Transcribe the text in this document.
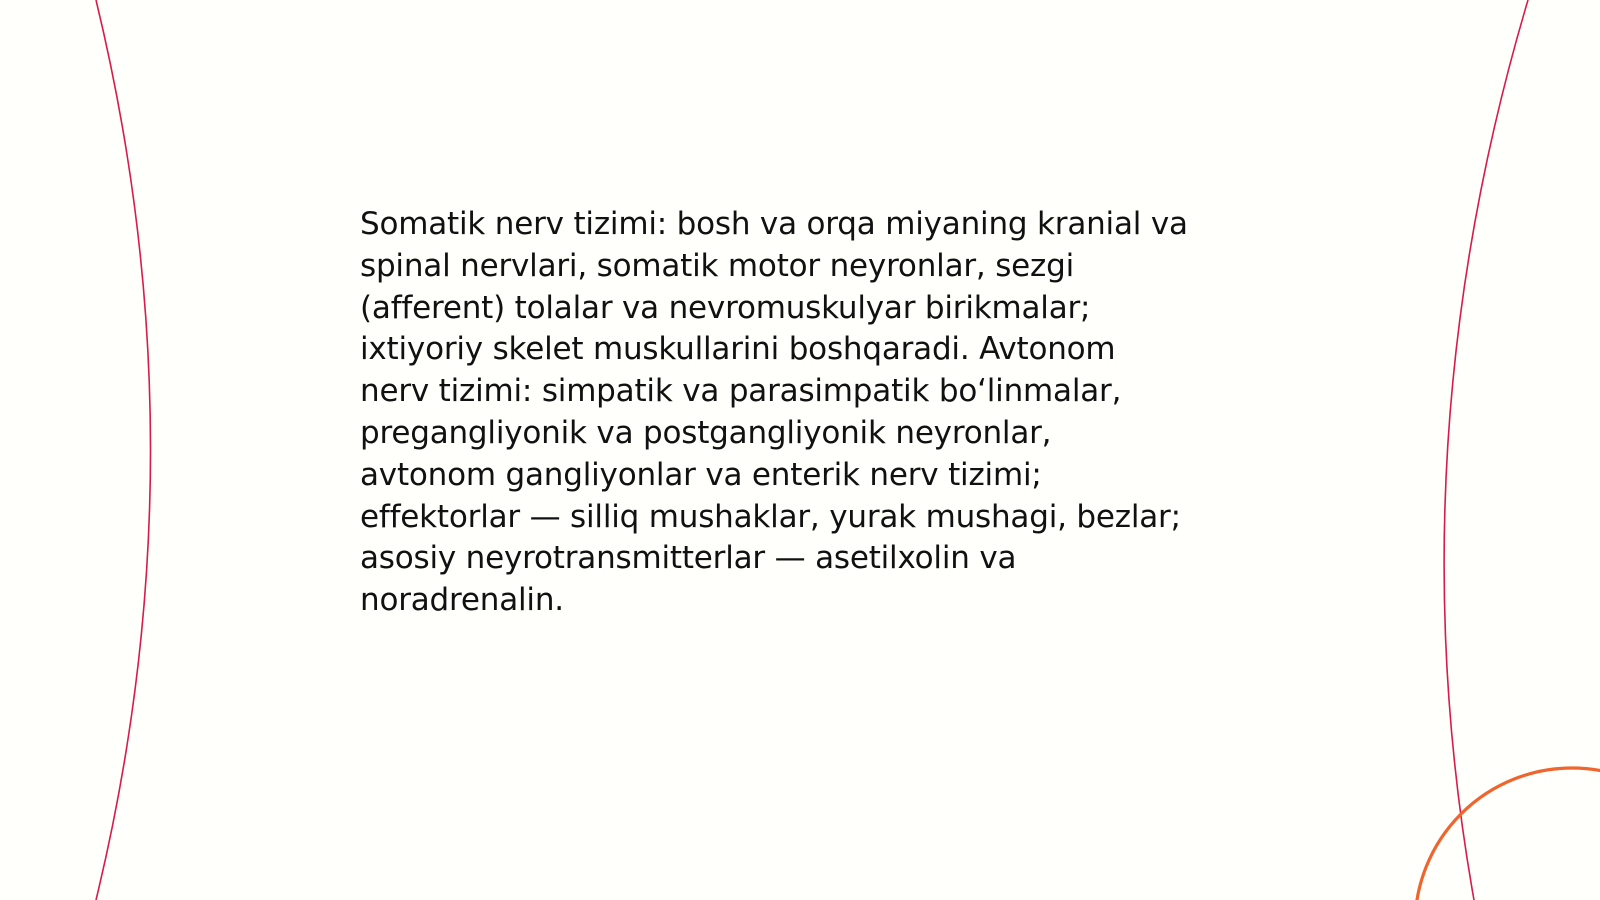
Somatik nerv tizimi: bosh va orqa miyaning kranial va
spinal nervlari, somatik motor neyronlar, sezgi
(afferent) tolalar va nevromuskulyar birikmalar;
ixtiyoriy skelet muskullarini boshqaradi. Avtonom
nerv tizimi: simpatik va parasimpatik bo‘linmalar,
pregangliyonik va postgangliyonik neyronlar,
avtonom gangliyonlar va enterik nerv tizimi;
effektorlar — silliq mushaklar, yurak mushagi, bezlar;
asosiy neyrotransmitterlar — asetilxolin va
noradrenalin.
